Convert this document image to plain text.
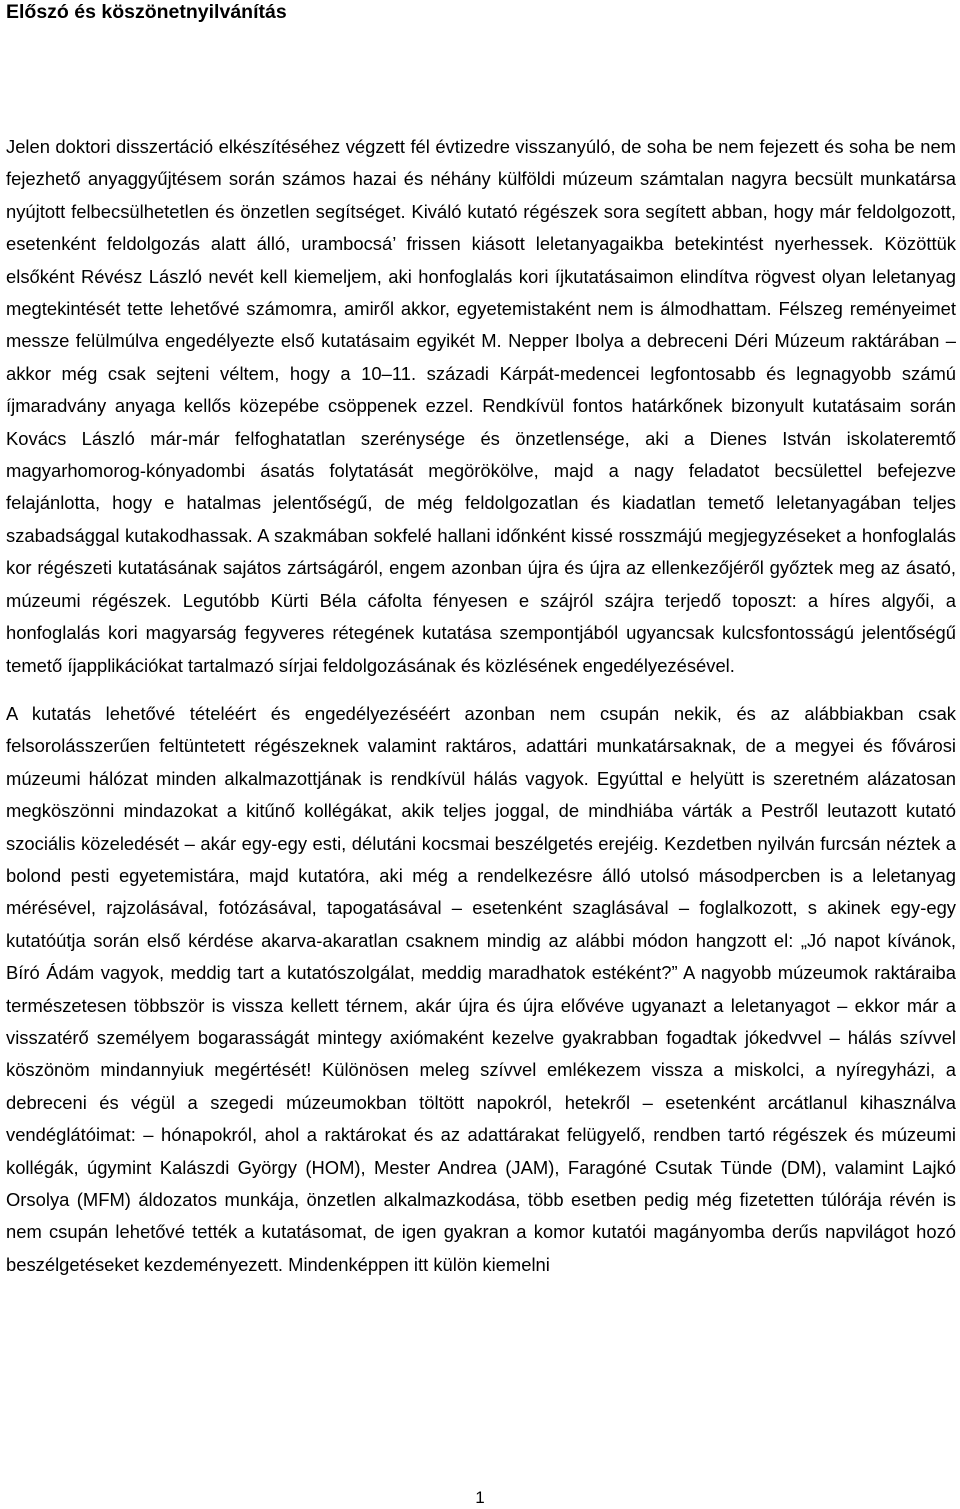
Előszó és köszönetnyilvánítás

Jelen doktori disszertáció elkészítéséhez végzett fél évtizedre visszanyúló, de soha be nem fejezett és soha be nem fejezhető anyaggyűjtésem során számos hazai és néhány külföldi múzeum számtalan nagyra becsült munkatársa nyújtott felbecsülhetetlen és önzetlen segítséget. Kiváló kutató régészek sora segített abban, hogy már feldolgozott, esetenként feldolgozás alatt álló, urambocsá’ frissen kiásott leletanyagaikba betekintést nyerhessek. Közöttük elsőként Révész László nevét kell kiemeljem, aki honfoglalás kori íjkutatásaimon elindítva rögvest olyan leletanyag megtekintését tette lehetővé számomra, amiről akkor, egyetemistaként nem is álmodhattam. Félszeg reményeimet messze felülmúlva engedélyezte első kutatásaim egyikét M. Nepper Ibolya a debreceni Déri Múzeum raktárában – akkor még csak sejteni véltem, hogy a 10–11. századi Kárpát-medencei legfontosabb és legnagyobb számú íjmaradvány anyaga kellős közepébe csöppenek ezzel. Rendkívül fontos határkőnek bizonyult kutatásaim során Kovács László már-már felfoghatatlan szerénysége és önzetlensége, aki a Dienes István iskolateremtő magyarhomorog-kónyadombi ásatás folytatását megörökölve, majd a nagy feladatot becsülettel befejezve felajánlotta, hogy e hatalmas jelentőségű, de még feldolgozatlan és kiadatlan temető leletanyagában teljes szabadsággal kutakodhassak. A szakmában sokfelé hallani időnként kissé rosszmájú megjegyzéseket a honfoglalás kor régészeti kutatásának sajátos zártságáról, engem azonban újra és újra az ellenkezőjéről győztek meg az ásató, múzeumi régészek. Legutóbb Kürti Béla cáfolta fényesen e szájról szájra terjedő toposzt: a híres algyői, a honfoglalás kori magyarság fegyveres rétegének kutatása szempontjából ugyancsak kulcsfontosságú jelentőségű temető íjapplikációkat tartalmazó sírjai feldolgozásának és közlésének engedélyezésével.

A kutatás lehetővé tételéért és engedélyezéséért azonban nem csupán nekik, és az alábbiakban csak felsorolásszerűen feltüntetett régészeknek valamint raktáros, adattári munkatársaknak, de a megyei és fővárosi múzeumi hálózat minden alkalmazottjának is rendkívül hálás vagyok. Egyúttal e helyütt is szeretném alázatosan megköszönni mindazokat a kitűnő kollégákat, akik teljes joggal, de mindhiába várták a Pestről leutazott kutató szociális közeledését – akár egy-egy esti, délutáni kocsmai beszélgetés erejéig. Kezdetben nyilván furcsán néztek a bolond pesti egyetemistára, majd kutatóra, aki még a rendelkezésre álló utolsó másodpercben is a leletanyag mérésével, rajzolásával, fotózásával, tapogatásával – esetenként szaglásával – foglalkozott, s akinek egy-egy kutatóútja során első kérdése akarva-akaratlan csaknem mindig az alábbi módon hangzott el: „Jó napot kívánok, Bíró Ádám vagyok, meddig tart a kutatószolgálat, meddig maradhatok estéként?” A nagyobb múzeumok raktáraiba természetesen többször is vissza kellett térnem, akár újra és újra elővéve ugyanazt a leletanyagot – ekkor már a visszatérő személyem bogarasságát mintegy axiómaként kezelve gyakrabban fogadtak jókedvvel – hálás szívvel köszönöm mindannyiuk megértését! Különösen meleg szívvel emlékezem vissza a miskolci, a nyíregyházi, a debreceni és végül a szegedi múzeumokban töltött napokról, hetekről – esetenként arcátlanul kihasználva vendéglátóimat: – hónapokról, ahol a raktárokat és az adattárakat felügyelő, rendben tartó régészek és múzeumi kollégák, úgymint Kalászdi György (HOM), Mester Andrea (JAM), Faragóné Csutak Tünde (DM), valamint Lajkó Orsolya (MFM) áldozatos munkája, önzetlen alkalmazkodása, több esetben pedig még fizetetten túlórája révén is nem csupán lehetővé tették a kutatásomat, de igen gyakran a komor kutatói magányomba derűs napvilágot hozó beszélgetéseket kezdeményezett. Mindenképpen itt külön kiemelni

1
